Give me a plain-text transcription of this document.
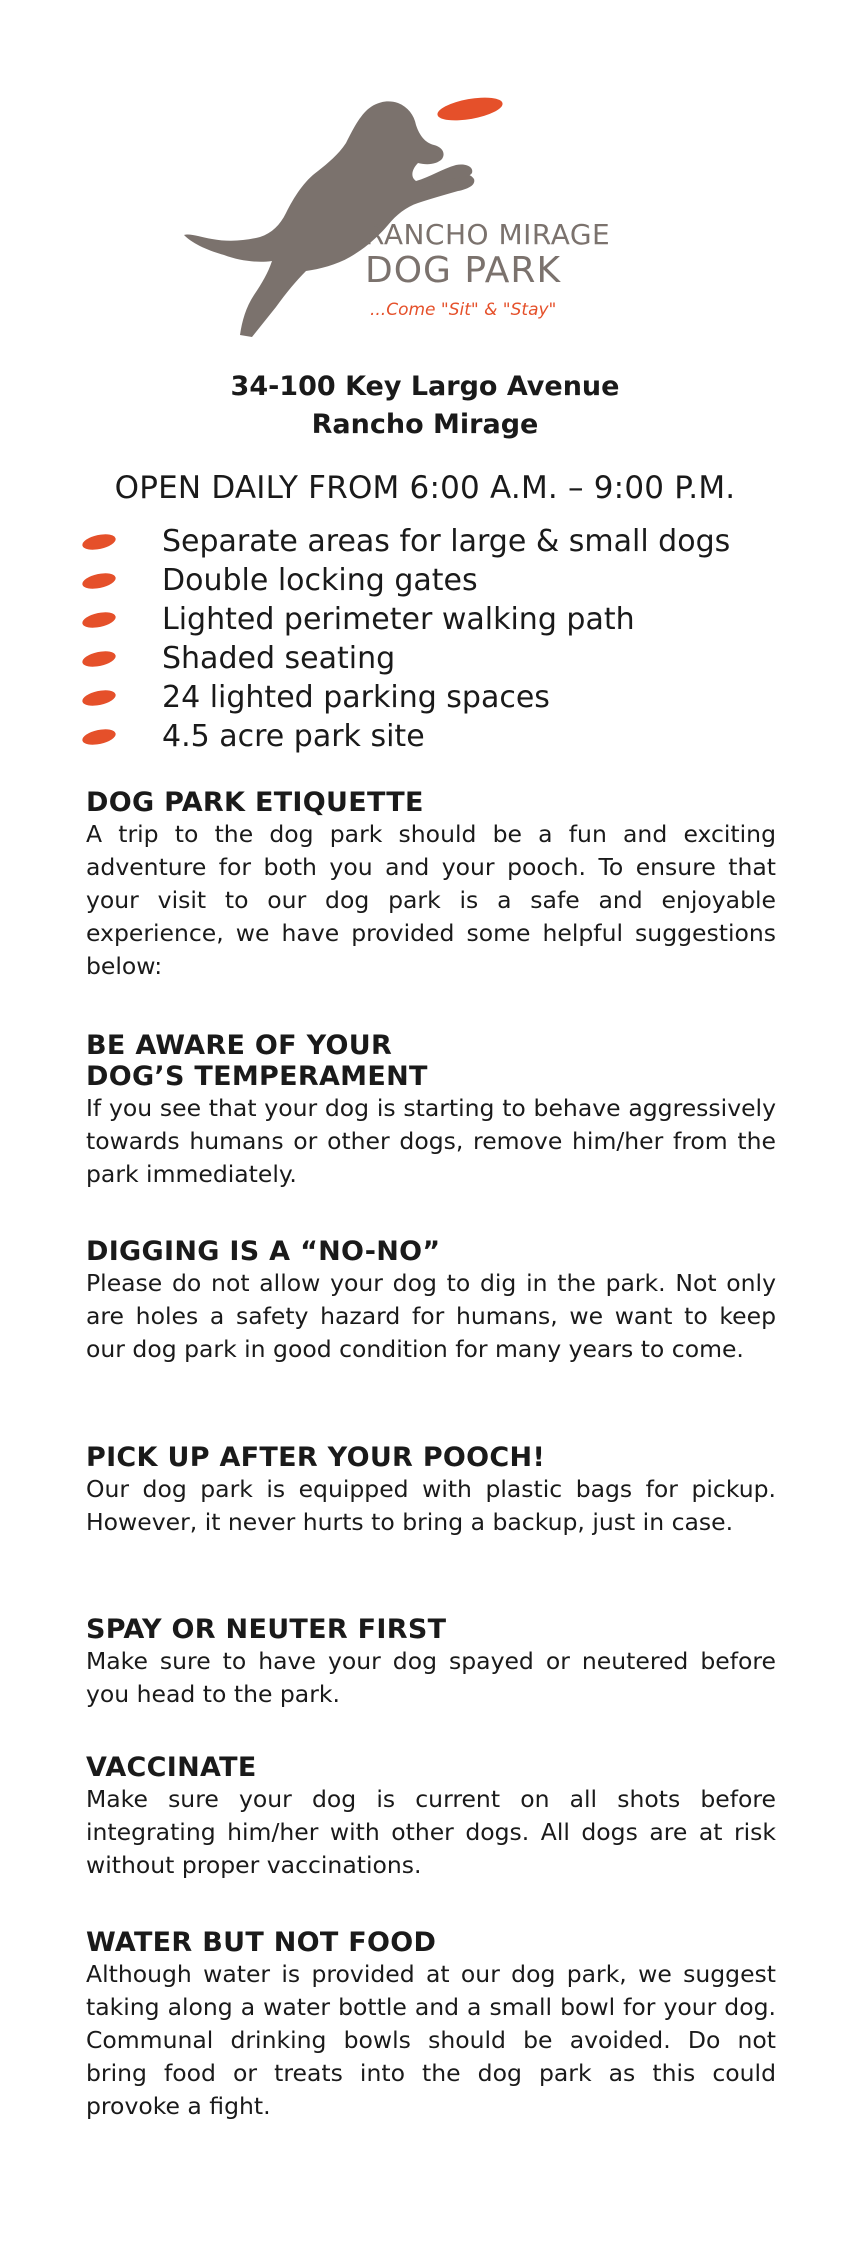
RANCHO MIRAGE
DOG PARK
...Come "Sit" & "Stay"
34-100 Key Largo Avenue
Rancho Mirage
OPEN DAILY FROM 6:00 A.M. – 9:00 P.M.
Separate areas for large & small dogs
Double locking gates
Lighted perimeter walking path
Shaded seating
24 lighted parking spaces
4.5 acre park site
DOG PARK ETIQUETTE

A trip to the dog park should be a fun and exciting adventure for both you and your pooch. To ensure that your visit to our dog park is a safe and enjoyable experience, we have provided some helpful suggestions below:

BE AWARE OF YOUR
DOG’S TEMPERAMENT

If you see that your dog is starting to behave aggressively towards humans or other dogs, remove him/her from the park immediately.

DIGGING IS A “NO-NO”

Please do not allow your dog to dig in the park. Not only are holes a safety hazard for humans, we want to keep our dog park in good condition for many years to come.

PICK UP AFTER YOUR POOCH!

Our dog park is equipped with plastic bags for pickup. However, it never hurts to bring a backup, just in case.

SPAY OR NEUTER FIRST

Make sure to have your dog spayed or neutered before you head to the park.

VACCINATE

Make sure your dog is current on all shots before integrating him/her with other dogs. All dogs are at risk without proper vaccinations.

WATER BUT NOT FOOD

Although water is provided at our dog park, we suggest taking along a water bottle and a small bowl for your dog. Communal drinking bowls should be avoided. Do not bring food or treats into the dog park as this could provoke a fight.
